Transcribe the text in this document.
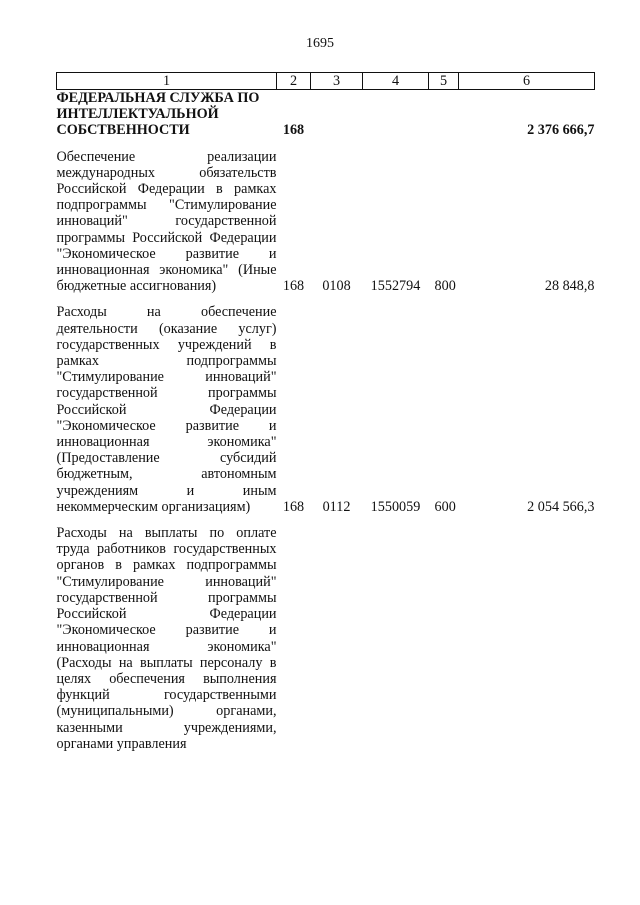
1695
1	2	3	4	5	6
ФЕДЕРАЛЬНАЯ СЛУЖБА ПО ИНТЕЛЛЕКТУАЛЬНОЙ СОБСТВЕННОСТИ	168				2 376 666,7

Обеспечение реализации международных обязательств Российской Федерации в рамках подпрограммы "Стимулирование инноваций" государственной программы Российской Федерации "Экономическое развитие и инновационная экономика" (Иные бюджетные ассигнования)	168	0108	1552794	800	28 848,8

Расходы на обеспечение деятельности (оказание услуг) государственных учреждений в рамках подпрограммы "Стимулирование инноваций" государственной программы Российской Федерации "Экономическое развитие и инновационная экономика" (Предоставление субсидий бюджетным, автономным учреждениям и иным некоммерческим организациям)	168	0112	1550059	600	2 054 566,3

Расходы на выплаты по оплате труда работников государственных органов в рамках подпрограммы "Стимулирование инноваций" государственной программы Российской Федерации "Экономическое развитие и инновационная экономика" (Расходы на выплаты персоналу в целях обеспечения выполнения функций государственными (муниципальными) органами, казенными учреждениями, органами управления					
